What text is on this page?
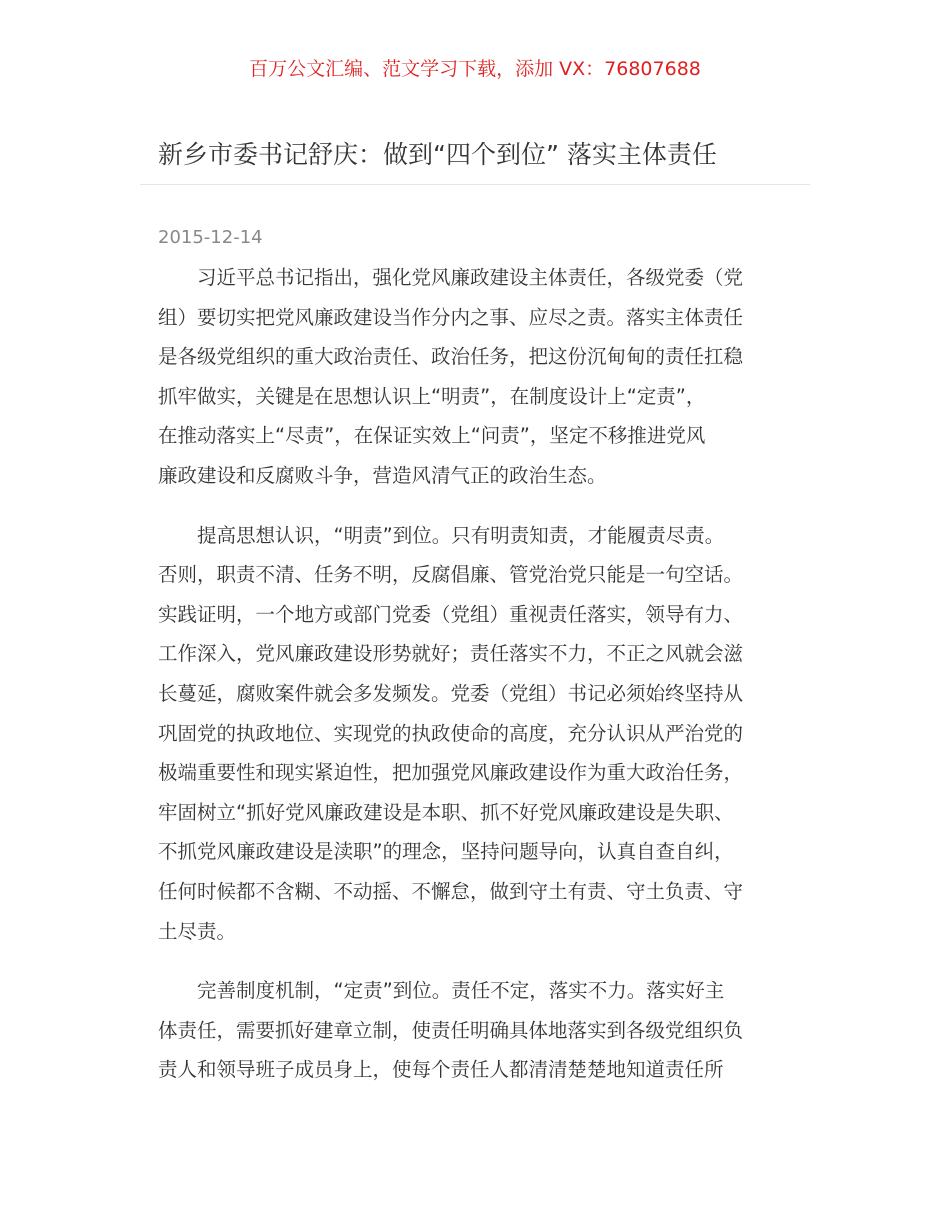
百万公文汇编、范文学习下载，添加 VX：76807688
新乡市委书记舒庆：做到“四个到位” 落实主体责任
2015-12-14
习近平总书记指出，强化党风廉政建设主体责任，各级党委（党
组）要切实把党风廉政建设当作分内之事、应尽之责。落实主体责任
是各级党组织的重大政治责任、政治任务，把这份沉甸甸的责任扛稳
抓牢做实，关键是在思想认识上“明责”，在制度设计上“定责”，
在推动落实上“尽责”，在保证实效上“问责”，坚定不移推进党风
廉政建设和反腐败斗争，营造风清气正的政治生态。
提高思想认识，“明责”到位。只有明责知责，才能履责尽责。
否则，职责不清、任务不明，反腐倡廉、管党治党只能是一句空话。
实践证明，一个地方或部门党委（党组）重视责任落实，领导有力、
工作深入，党风廉政建设形势就好；责任落实不力，不正之风就会滋
长蔓延，腐败案件就会多发频发。党委（党组）书记必须始终坚持从
巩固党的执政地位、实现党的执政使命的高度，充分认识从严治党的
极端重要性和现实紧迫性，把加强党风廉政建设作为重大政治任务，
牢固树立“抓好党风廉政建设是本职、抓不好党风廉政建设是失职、
不抓党风廉政建设是渎职”的理念，坚持问题导向，认真自查自纠，
任何时候都不含糊、不动摇、不懈怠，做到守土有责、守土负责、守
土尽责。
完善制度机制，“定责”到位。责任不定，落实不力。落实好主
体责任，需要抓好建章立制，使责任明确具体地落实到各级党组织负
责人和领导班子成员身上，使每个责任人都清清楚楚地知道责任所
